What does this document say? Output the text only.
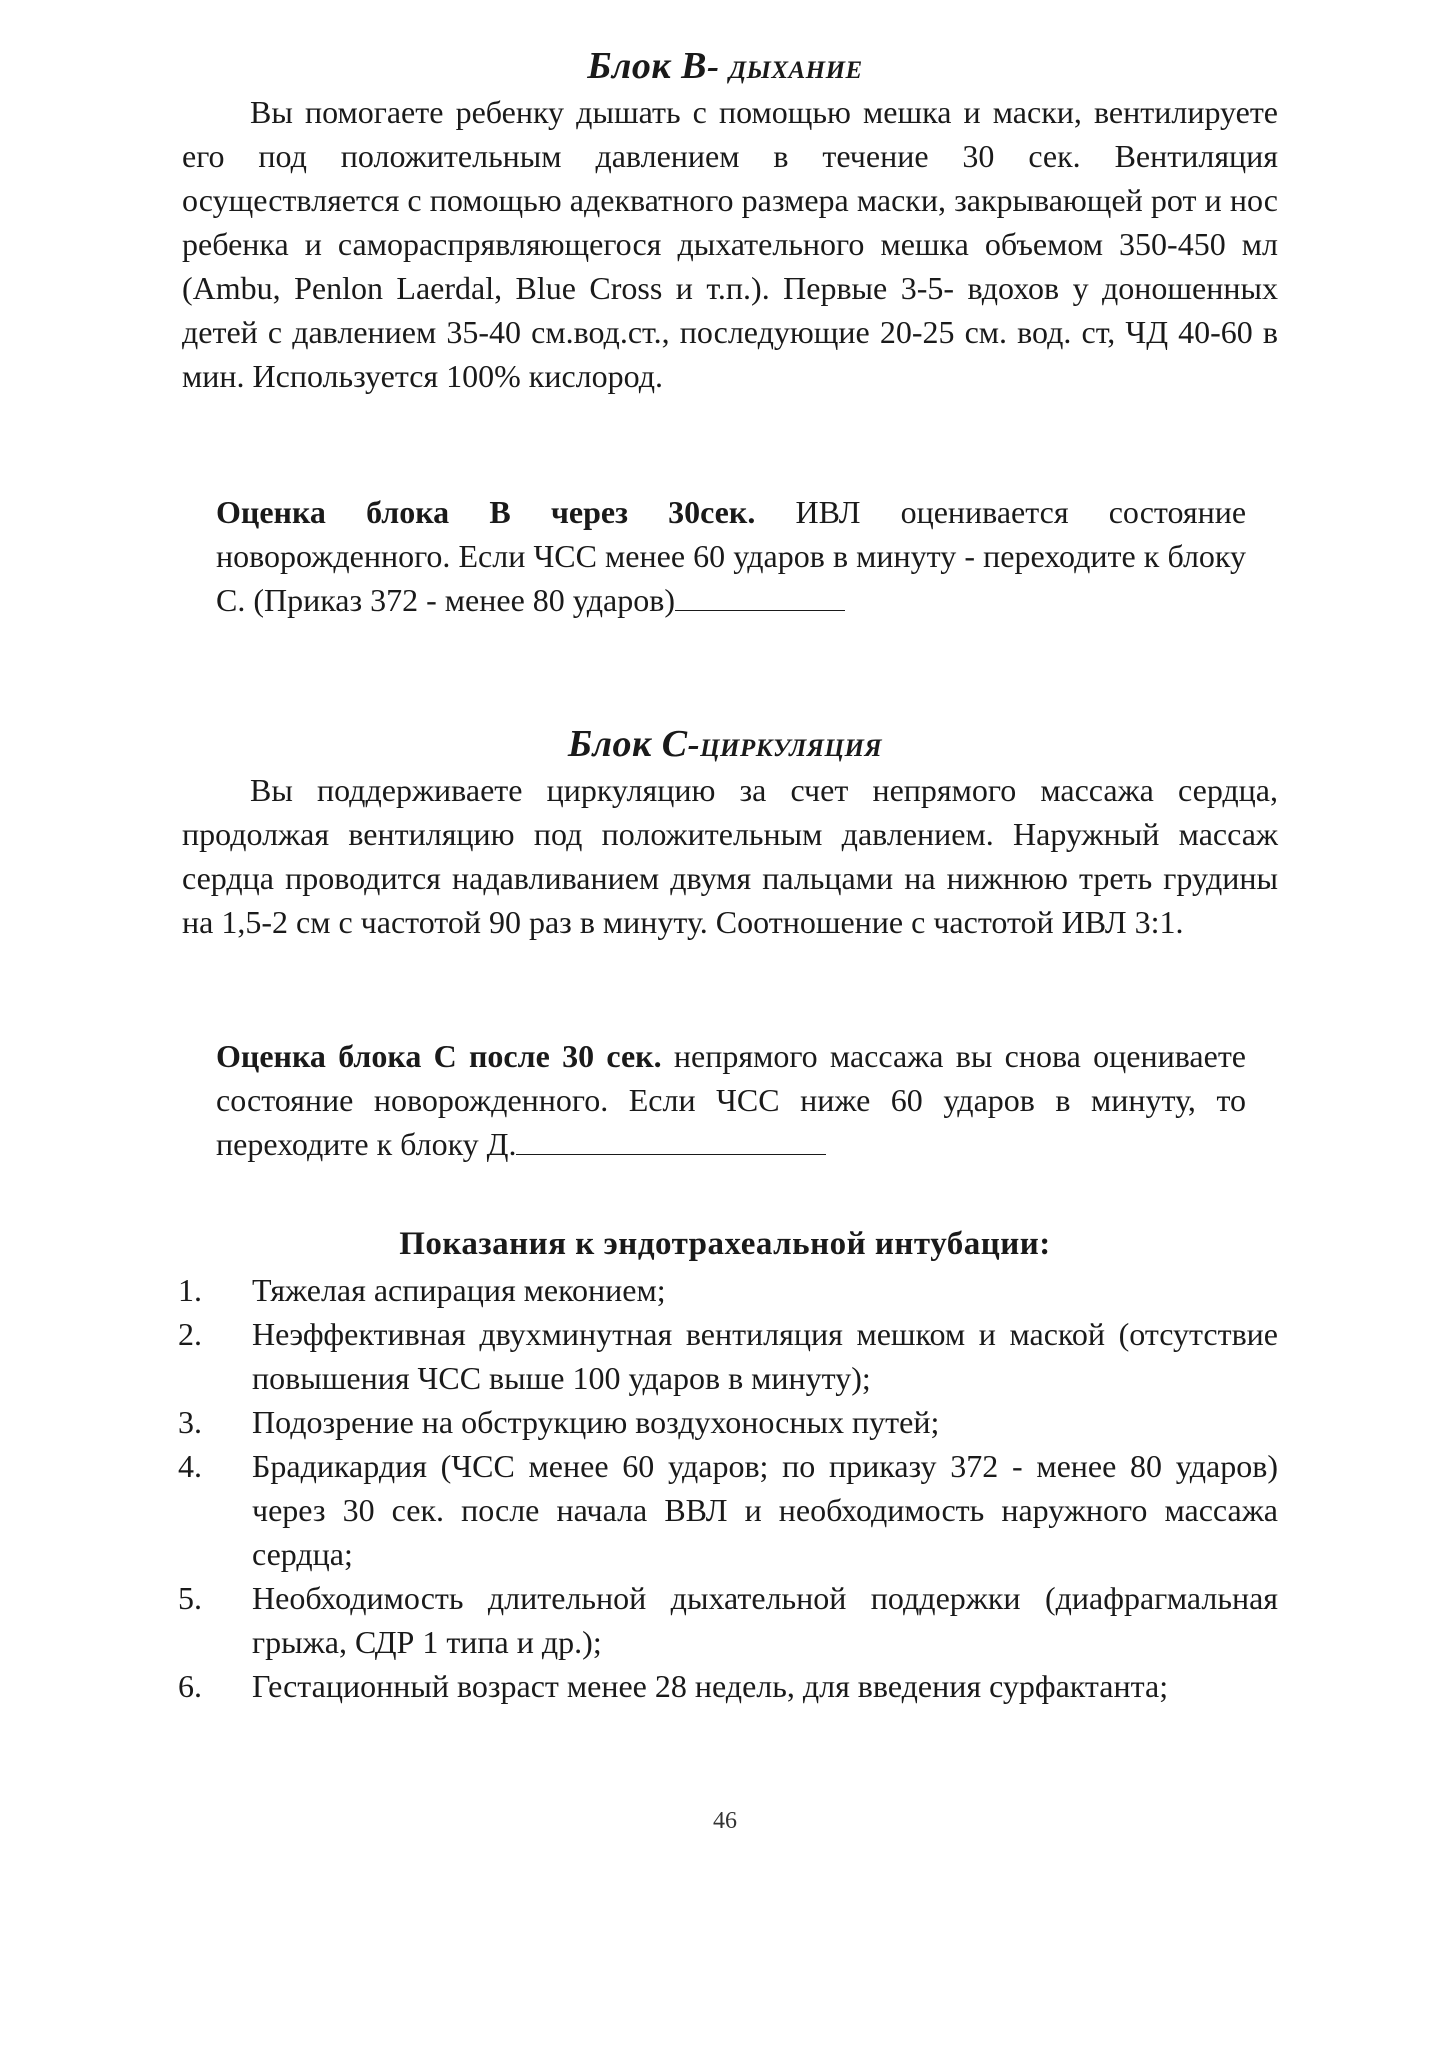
Блок В- дыхание

Вы помогаете ребенку дышать с помощью мешка и маски, вентилируете его под положительным давлением в течение 30 сек. Вентиляция осуществляется с помощью адекватного размера маски, закрывающей рот и нос ребенка и самораспрявляющегося дыхательного мешка объемом 350-450 мл (Ambu, Penlon Laerdal, Blue Cross и т.п.). Первые 3-5- вдохов у доношенных детей с давлением 35-40 см.вод.ст., последующие 20-25 см. вод. ст, ЧД 40-60 в мин. Используется 100% кислород.

Оценка блока В через 30сек. ИВЛ оценивается состояние новорожденного. Если ЧСС менее 60 ударов в минуту - переходите к блоку С. (Приказ 372 - менее 80 ударов)

Блок С-циркуляция

Вы поддерживаете циркуляцию за счет непрямого массажа сердца, продолжая вентиляцию под положительным давлением. Наружный массаж сердца проводится надавливанием двумя пальцами на нижнюю треть грудины на 1,5-2 см с частотой 90 раз в минуту. Соотношение с частотой ИВЛ 3:1.

Оценка блока С после 30 сек. непрямого массажа вы снова оцениваете состояние новорожденного. Если ЧСС ниже 60 ударов в минуту, то переходите к блоку Д.

Показания к эндотрахеальной интубации:
1.	Тяжелая аспирация меконием;
2.	Неэффективная двухминутная вентиляция мешком и маской (отсутствие повышения ЧСС выше 100 ударов в минуту);
3.	Подозрение на обструкцию воздухоносных путей;
4.	Брадикардия (ЧСС менее 60 ударов; по приказу 372 - менее 80 ударов) через 30 сек. после начала ВВЛ и необходимость наружного массажа сердца;
5.	Необходимость длительной дыхательной поддержки (диафрагмальная грыжа, СДР 1 типа и др.);
6.	Гестационный возраст менее 28 недель, для введения сурфактанта;
46
